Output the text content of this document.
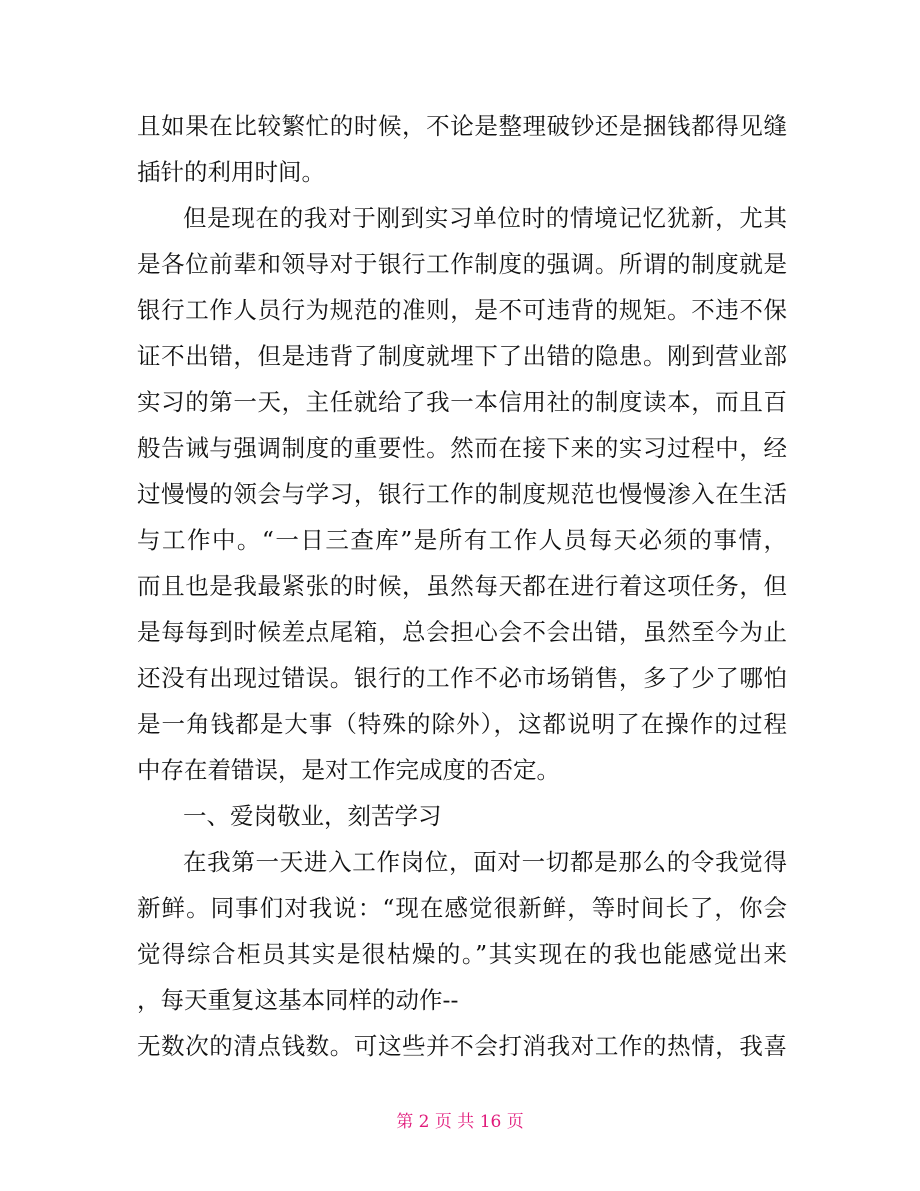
且如果在比较繁忙的时候，不论是整理破钞还是捆钱都得见缝
插针的利用时间。
但是现在的我对于刚到实习单位时的情境记忆犹新，尤其
是各位前辈和领导对于银行工作制度的强调。所谓的制度就是
银行工作人员行为规范的准则，是不可违背的规矩。不违不保
证不出错，但是违背了制度就埋下了出错的隐患。刚到营业部
实习的第一天，主任就给了我一本信用社的制度读本，而且百
般告诫与强调制度的重要性。然而在接下来的实习过程中，经
过慢慢的领会与学习，银行工作的制度规范也慢慢渗入在生活
与工作中。“一日三查库”是所有工作人员每天必须的事情，
而且也是我最紧张的时候，虽然每天都在进行着这项任务，但
是每每到时候差点尾箱，总会担心会不会出错，虽然至今为止
还没有出现过错误。银行的工作不必市场销售，多了少了哪怕
是一角钱都是大事（特殊的除外），这都说明了在操作的过程
中存在着错误，是对工作完成度的否定。
一、爱岗敬业，刻苦学习
在我第一天进入工作岗位，面对一切都是那么的令我觉得
新鲜。同事们对我说：“现在感觉很新鲜，等时间长了，你会
觉得综合柜员其实是很枯燥的。”其实现在的我也能感觉出来
，每天重复这基本同样的动作--
无数次的清点钱数。可这些并不会打消我对工作的热情，我喜
第 2 页 共 16 页
